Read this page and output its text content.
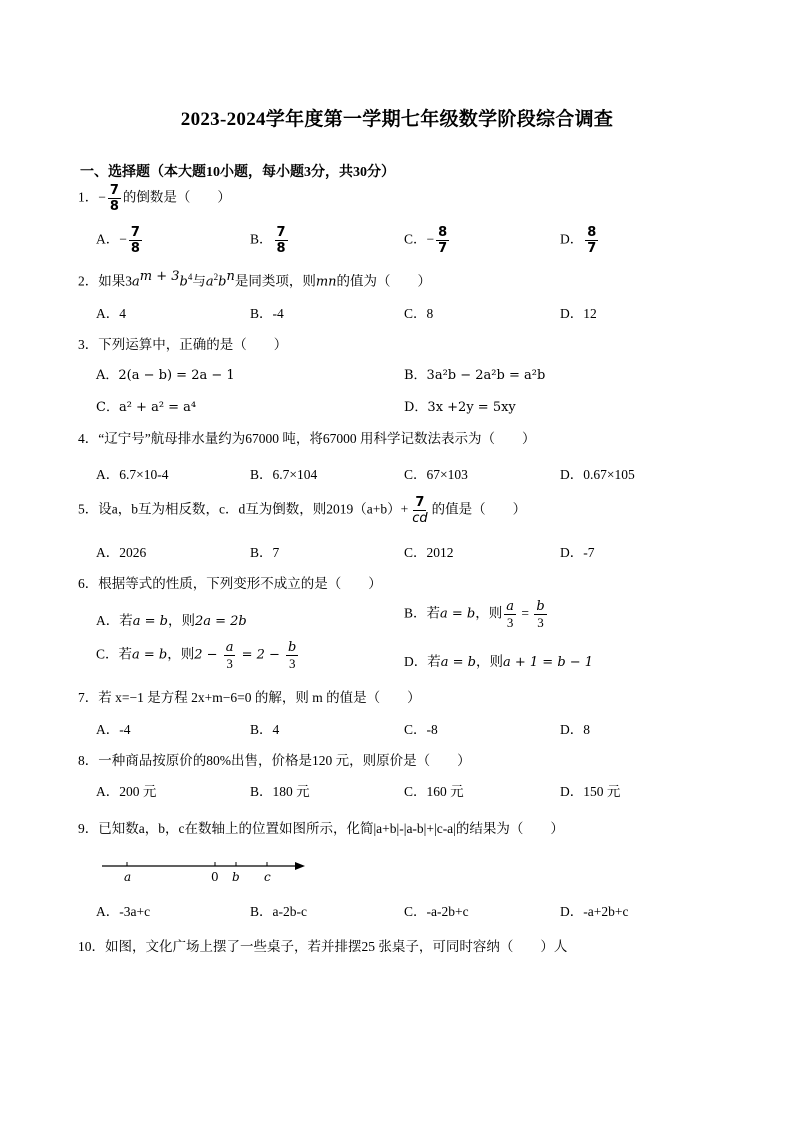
2023-2024学年度第一学期七年级数学阶段综合调查
一、选择题（本大题10小题，每小题3分，共30分）
1．− $\frac{7}{8}$ 的倒数是（　　）
A．− $\frac{7}{8}$	B． $\frac{7}{8}$	C．− $\frac{8}{7}$	D． $\frac{8}{7}$
2．如果$3a^{m + 3}b^4$与$a^2b^n$是同类项，则mn的值为（　　）
A．4	B．-4	C．8	D．12
3．下列运算中，正确的是（　　）
A．2(a − b) = 2a − 1	B．3a²b − 2a²b = a²b
C．a² + a² = a⁴	D．3x +2y = 5xy
4．“辽宁号”航母排水量约为67000 吨，将67000 用科学记数法表示为（　　）
A．6.7×10-4	B．6.7×104	C．67×103	D．0.67×105
5．设a，b互为相反数，c．d互为倒数，则$2019(a+b)+ \frac{7}{cd}$ 的值是（　　）
A．2026	B．7	C．2012	D．-7
6．根据等式的性质，下列变形不成立的是（　　）
A．若a = b，则2a = 2b
B．若a = b，则 $\frac{a}{3} = \frac{b}{3}$
C．若a = b，则$2 - \frac{a}{3} = 2 - \frac{b}{3}$	D．若a = b，则a + 1 = b − 1
7．若 x=−1 是方程 2x+m−6=0 的解，则 m 的值是（　　）
A．-4	B．4	C．-8	D．8
8．一种商品按原价的80%出售，价格是120 元，则原价是（　　）
A．200 元	B．180 元	C．160 元	D．150 元
9．已知数a，b，c在数轴上的位置如图所示，化简|a+b|-|a-b|+|c-a|的结果为（　　）
a	0 b c
A．-3a+c	B．a-2b-c	C．-a-2b+c	D．-a+2b+c
10．如图，文化广场上摆了一些桌子，若并排摆25 张桌子，可同时容纳（　　）人
